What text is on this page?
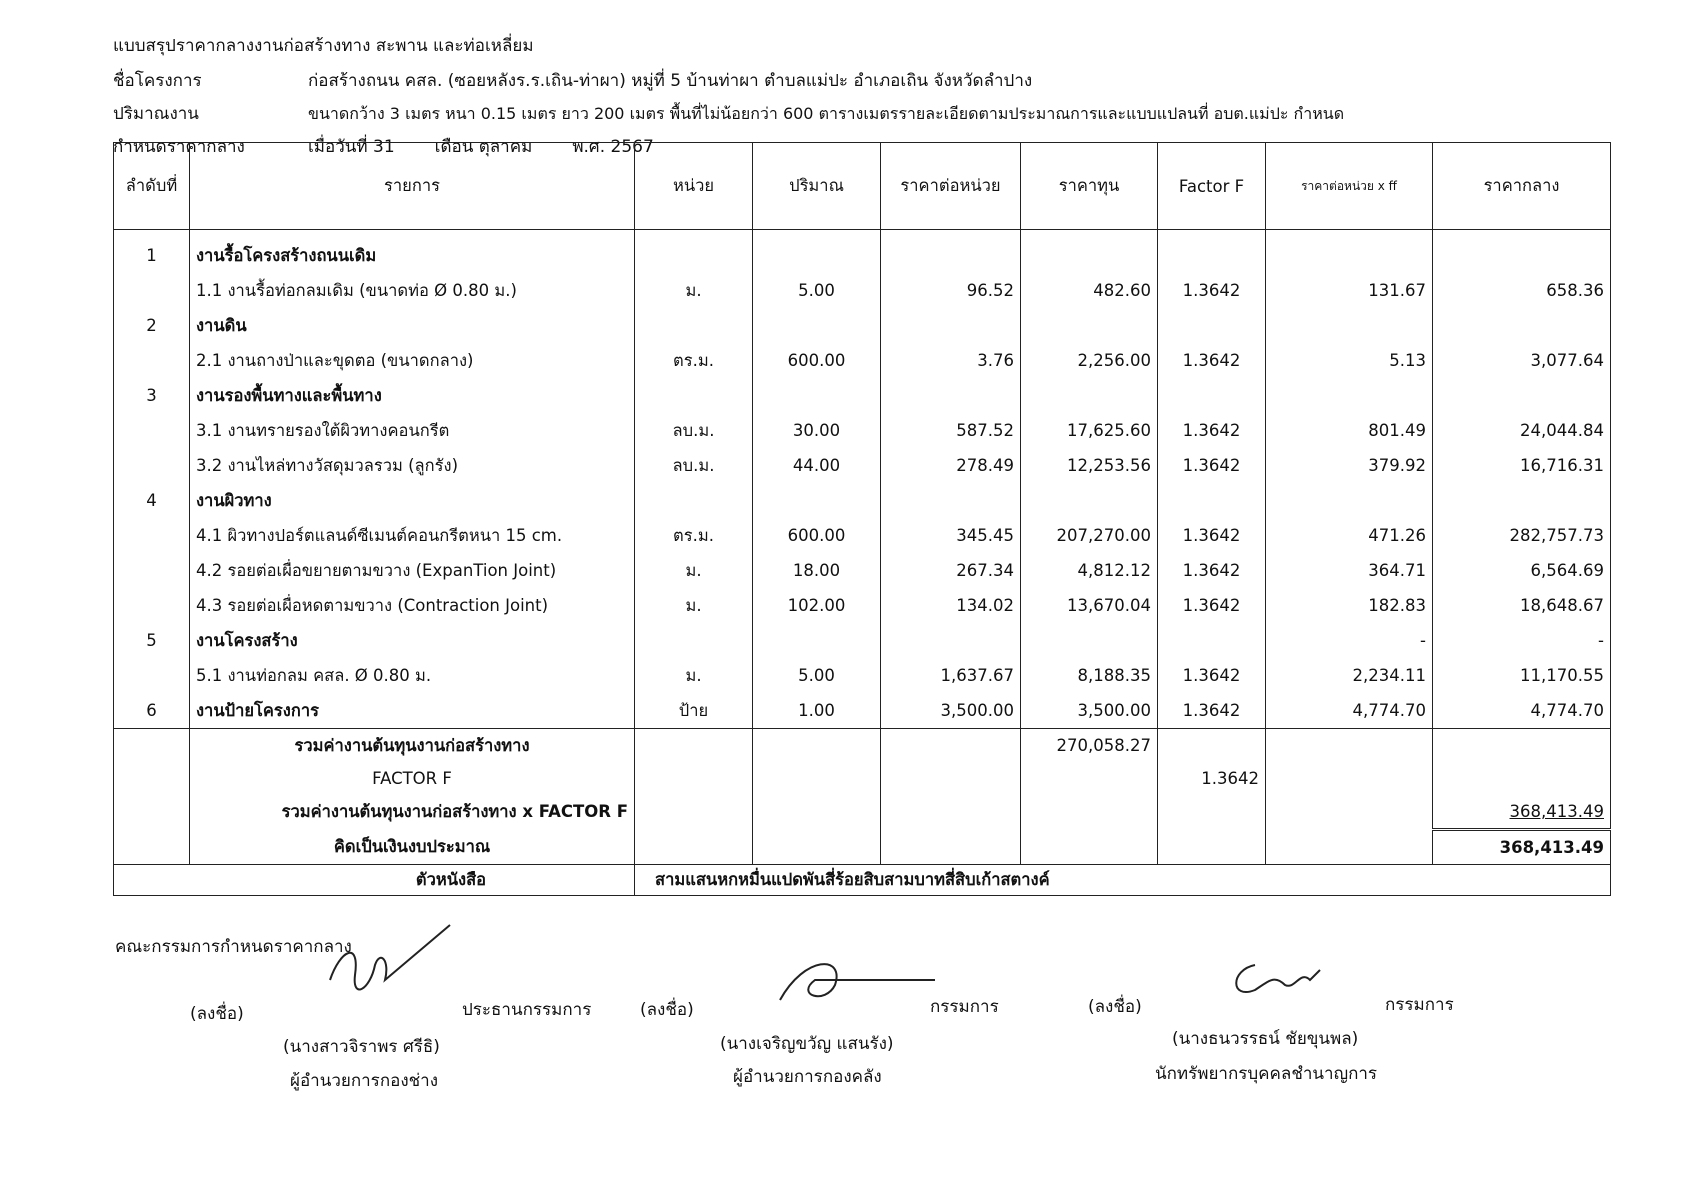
แบบสรุปราคากลางงานก่อสร้างทาง สะพาน และท่อเหลี่ยม
ชื่อโครงการ	ก่อสร้างถนน คสล. (ซอยหลังร.ร.เถิน-ท่าผา) หมู่ที่ 5 บ้านท่าผา ตำบลแม่ปะ อำเภอเถิน จังหวัดลำปาง
ปริมาณงาน	ขนาดกว้าง 3 เมตร หนา 0.15 เมตร ยาว 200 เมตร พื้นที่ไม่น้อยกว่า 600 ตารางเมตรรายละเอียดตามประมาณการและแบบแปลนที่ อบต.แม่ปะ กำหนด
กำหนดราคากลาง	เมื่อวันที่ 31 เดือน ตุลาคม พ.ศ. 2567
ลำดับที่	รายการ	หน่วย	ปริมาณ	ราคาต่อหน่วย	ราคาทุน	Factor F	ราคาต่อหน่วย x ff	ราคากลาง
1	งานรื้อโครงสร้างถนนเดิม							
	1.1 งานรื้อท่อกลมเดิม (ขนาดท่อ Ø 0.80 ม.)	ม.	5.00	96.52	482.60	1.3642	131.67	658.36
2	งานดิน							
	2.1 งานถางป่าและขุดตอ (ขนาดกลาง)	ตร.ม.	600.00	3.76	2,256.00	1.3642	5.13	3,077.64
3	งานรองพื้นทางและพื้นทาง							
	3.1 งานทรายรองใต้ผิวทางคอนกรีต	ลบ.ม.	30.00	587.52	17,625.60	1.3642	801.49	24,044.84
	3.2 งานไหล่ทางวัสดุมวลรวม (ลูกรัง)	ลบ.ม.	44.00	278.49	12,253.56	1.3642	379.92	16,716.31
4	งานผิวทาง							
	4.1 ผิวทางปอร์ตแลนด์ซีเมนต์คอนกรีตหนา 15 cm.	ตร.ม.	600.00	345.45	207,270.00	1.3642	471.26	282,757.73
	4.2 รอยต่อเผื่อขยายตามขวาง (ExpanTion Joint)	ม.	18.00	267.34	4,812.12	1.3642	364.71	6,564.69
	4.3 รอยต่อเผื่อหดตามขวาง (Contraction Joint)	ม.	102.00	134.02	13,670.04	1.3642	182.83	18,648.67
5	งานโครงสร้าง						-	-
	5.1 งานท่อกลม คสล. Ø 0.80 ม.	ม.	5.00	1,637.67	8,188.35	1.3642	2,234.11	11,170.55
6	งานป้ายโครงการ	ป้าย	1.00	3,500.00	3,500.00	1.3642	4,774.70	4,774.70
	รวมค่างานต้นทุนงานก่อสร้างทาง				270,058.27			
	FACTOR F					1.3642		
	รวมค่างานต้นทุนงานก่อสร้างทาง x FACTOR F							368,413.49
	คิดเป็นเงินงบประมาณ							368,413.49
ตัวหนังสือ		สามแสนหกหมื่นแปดพันสี่ร้อยสิบสามบาทสี่สิบเก้าสตางค์						
คณะกรรมการกำหนดราคากลาง
(ลงชื่อ)	ประธานกรรมการ
(นางสาวจิราพร ศรีธิ)
ผู้อำนวยการกองช่าง
(ลงชื่อ)	กรรมการ
(นางเจริญขวัญ แสนรัง)
ผู้อำนวยการกองคลัง
(ลงชื่อ)	กรรมการ
(นางธนวรรธน์ ชัยขุนพล)
นักทรัพยากรบุคคลชำนาญการ
